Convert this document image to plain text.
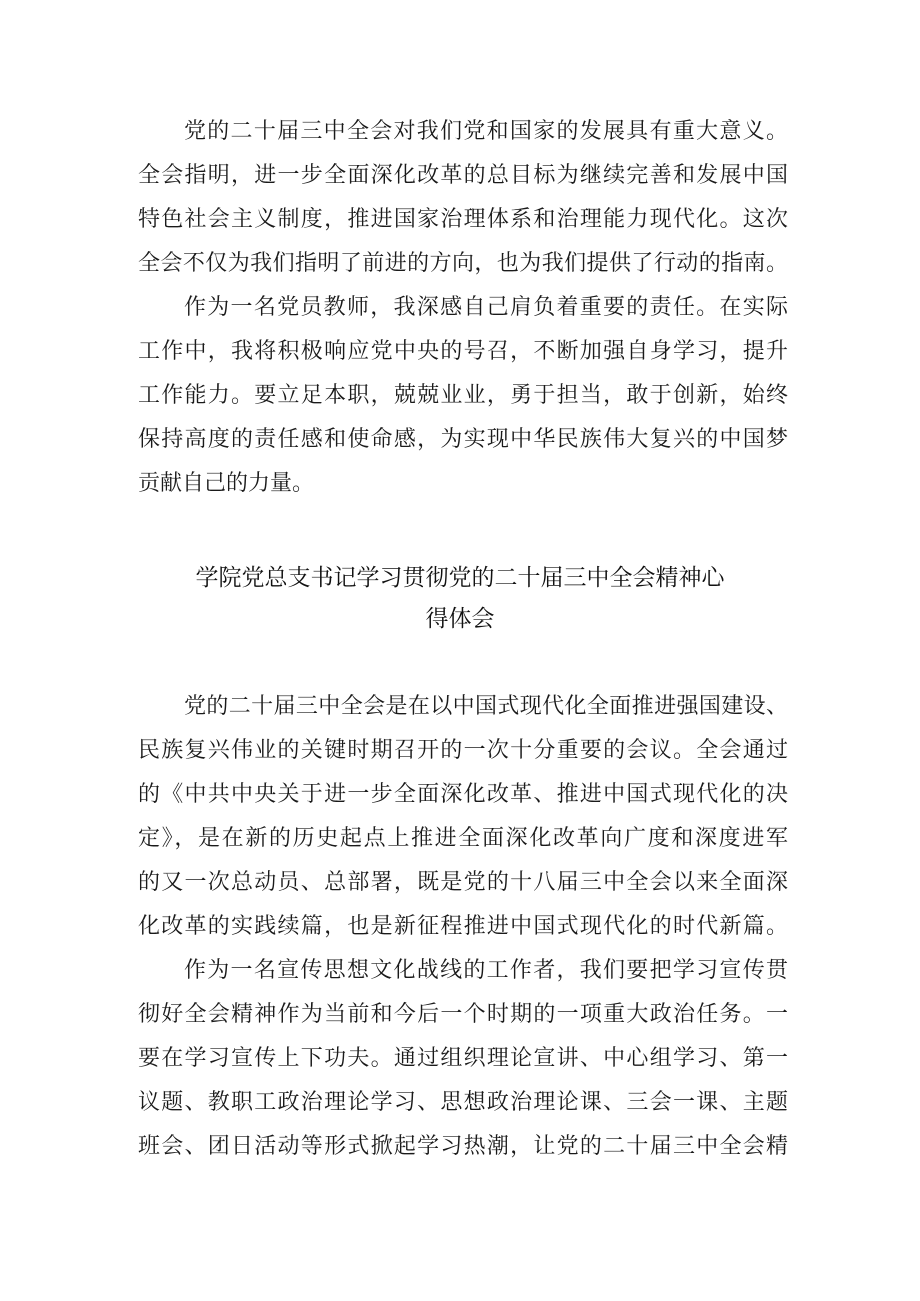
党的二十届三中全会对我们党和国家的发展具有重大意义。
全会指明，进一步全面深化改革的总目标为继续完善和发展中国
特色社会主义制度，推进国家治理体系和治理能力现代化。这次
全会不仅为我们指明了前进的方向，也为我们提供了行动的指南。
作为一名党员教师，我深感自己肩负着重要的责任。在实际
工作中，我将积极响应党中央的号召，不断加强自身学习，提升
工作能力。要立足本职，兢兢业业，勇于担当，敢于创新，始终
保持高度的责任感和使命感，为实现中华民族伟大复兴的中国梦
贡献自己的力量。
学院党总支书记学习贯彻党的二十届三中全会精神心
得体会
党的二十届三中全会是在以中国式现代化全面推进强国建设、
民族复兴伟业的关键时期召开的一次十分重要的会议。全会通过
的《中共中央关于进一步全面深化改革、推进中国式现代化的决
定》，是在新的历史起点上推进全面深化改革向广度和深度进军
的又一次总动员、总部署，既是党的十八届三中全会以来全面深
化改革的实践续篇，也是新征程推进中国式现代化的时代新篇。
作为一名宣传思想文化战线的工作者，我们要把学习宣传贯
彻好全会精神作为当前和今后一个时期的一项重大政治任务。一
要在学习宣传上下功夫。通过组织理论宣讲、中心组学习、第一
议题、教职工政治理论学习、思想政治理论课、三会一课、主题
班会、团日活动等形式掀起学习热潮，让党的二十届三中全会精
